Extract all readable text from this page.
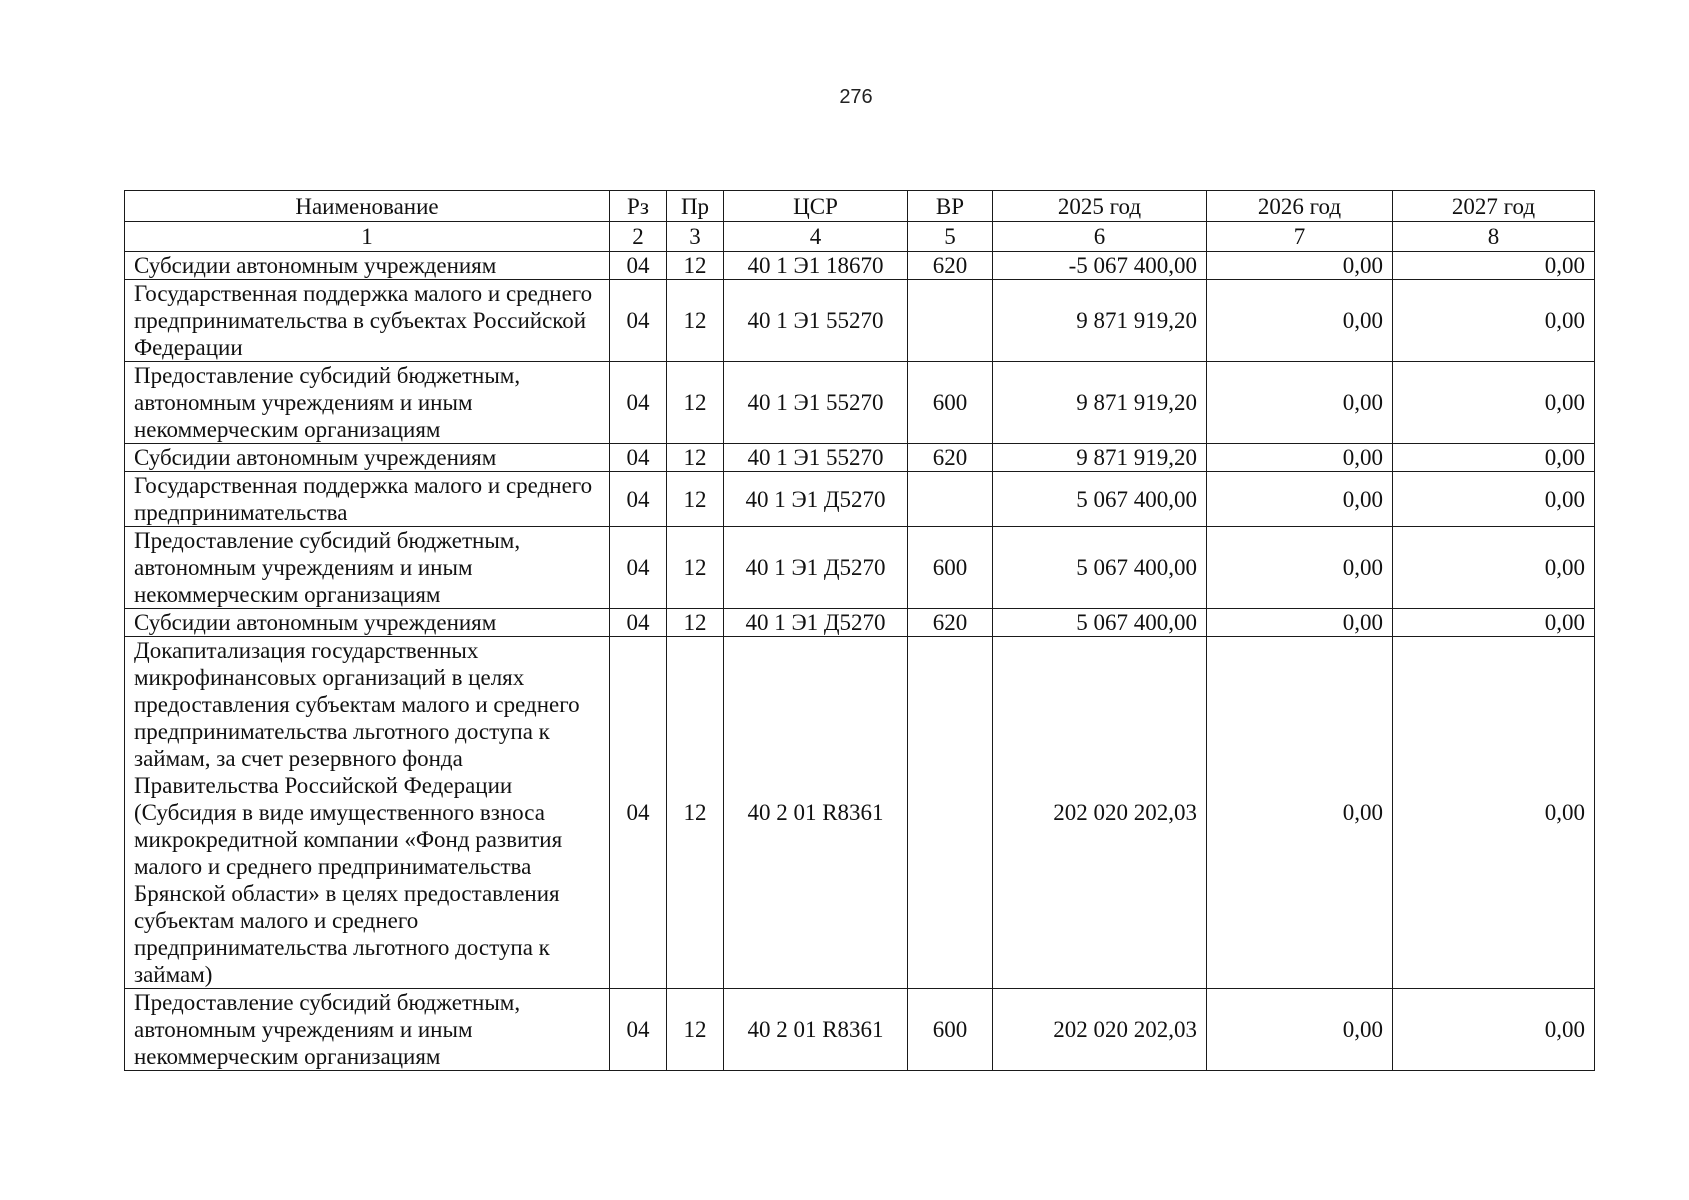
276
Наименование	Рз	Пр	ЦСР	ВР	2025 год	2026 год	2027 год
1	2	3	4	5	6	7	8
Субсидии автономным учреждениям	04	12	40 1 Э1 18670	620	-5 067 400,00	0,00	0,00
Государственная поддержка малого и среднего предпринимательства в субъектах Российской Федерации	04	12	40 1 Э1 55270		9 871 919,20	0,00	0,00
Предоставление субсидий бюджетным, автономным учреждениям и иным некоммерческим организациям	04	12	40 1 Э1 55270	600	9 871 919,20	0,00	0,00
Субсидии автономным учреждениям	04	12	40 1 Э1 55270	620	9 871 919,20	0,00	0,00
Государственная поддержка малого и среднего предпринимательства	04	12	40 1 Э1 Д5270		5 067 400,00	0,00	0,00
Предоставление субсидий бюджетным, автономным учреждениям и иным некоммерческим организациям	04	12	40 1 Э1 Д5270	600	5 067 400,00	0,00	0,00
Субсидии автономным учреждениям	04	12	40 1 Э1 Д5270	620	5 067 400,00	0,00	0,00
Докапитализация государственных микрофинансовых организаций в целях предоставления субъектам малого и среднего предпринимательства льготного доступа к займам, за счет резервного фонда Правительства Российской Федерации (Субсидия в виде имущественного взноса микрокредитной компании «Фонд развития малого и среднего предпринимательства Брянской области» в целях предоставления субъектам малого и среднего предпринимательства льготного доступа к займам)	04	12	40 2 01 R8361		202 020 202,03	0,00	0,00
Предоставление субсидий бюджетным, автономным учреждениям и иным некоммерческим организациям	04	12	40 2 01 R8361	600	202 020 202,03	0,00	0,00
